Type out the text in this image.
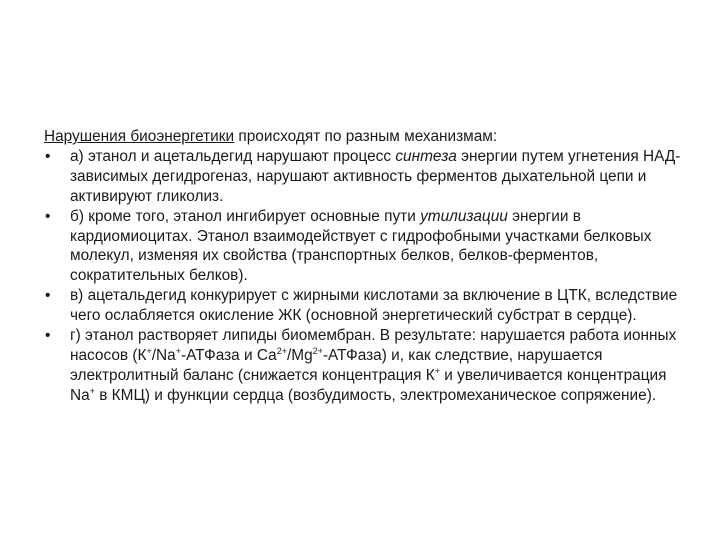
Нарушения биоэнергетики происходят по разным механизмам:

• а) этанол и ацетальдегид нарушают процесс синтеза энергии путем угнетения НАД-зависимых дегидрогеназ, нарушают активность ферментов дыхательной цепи и активируют гликолиз.
• б) кроме того, этанол ингибирует основные пути утилизации энергии в кардиомиоцитах. Этанол взаимодействует с гидрофобными участками белковых молекул, изменяя их свойства (транспортных белков, белков-ферментов, сократительных белков).
• в) ацетальдегид конкурирует с жирными кислотами за включение в ЦТК, вследствие чего ослабляется окисление ЖК (основной энергетический субстрат в сердце).
• г) этанол растворяет липиды биомембран. В результате: нарушается работа ионных насосов (К+/Na+-АТФаза и $Са^{2+}/Mg^{2+}-АТФаза$) и, как следствие, нарушается электролитный баланс (снижается концентрация К+ и увеличивается концентрация Na+ в КМЦ) и функции сердца (возбудимость, электромеханическое сопряжение).
